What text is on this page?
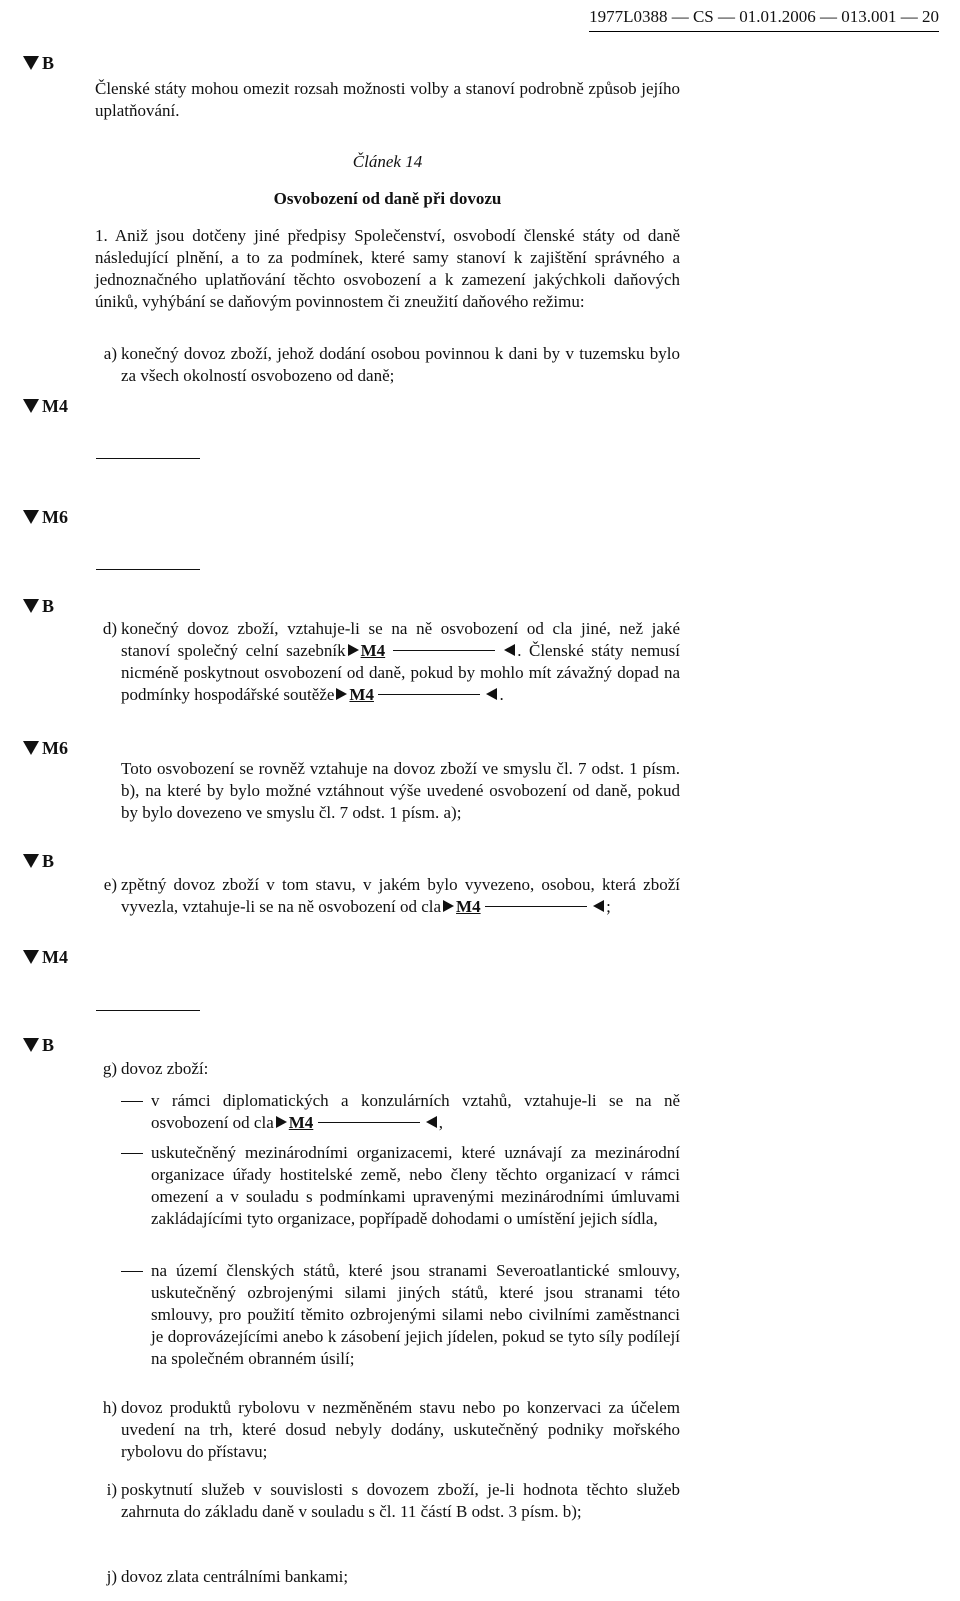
1977L0388 — CS — 01.01.2006 — 013.001 — 20
B
M4
M6
B
M6
B
M4
B
Členské státy mohou omezit rozsah možnosti volby a stanoví podrobně způsob jejího uplatňování.
Článek 14
Osvobození od daně při dovozu
1. Aniž jsou dotčeny jiné předpisy Společenství, osvobodí členské státy od daně následující plnění, a to za podmínek, které samy stanoví k zajištění správného a jednoznačného uplatňování těchto osvobození a k zamezení jakýchkoli daňových úniků, vyhýbání se daňovým povinnostem či zneužití daňového režimu:
a) konečný dovoz zboží, jehož dodání osobou povinnou k dani by v tuzemsku bylo za všech okolností osvobozeno od daně;
d) konečný dovoz zboží, vztahuje-li se na ně osvobození od cla jiné, než jaké stanoví společný celní sazebník M4	. Členské státy nemusí nicméně poskytnout osvobození od daně, pokud by mohlo mít závažný dopad na podmínky hospodářské soutěže M4	.
Toto osvobození se rovněž vztahuje na dovoz zboží ve smyslu čl. 7 odst. 1 písm. b), na které by bylo možné vztáhnout výše uvedené osvobození od daně, pokud by bylo dovezeno ve smyslu čl. 7 odst. 1 písm. a);
e) zpětný dovoz zboží v tom stavu, v jakém bylo vyvezeno, osobou, která zboží vyvezla, vztahuje-li se na ně osvobození od cla M4	;
g) dovoz zboží:
v rámci diplomatických a konzulárních vztahů, vztahuje-li se na ně osvobození od cla M4	,
uskutečněný mezinárodními organizacemi, které uznávají za mezinárodní organizace úřady hostitelské země, nebo členy těchto organizací v rámci omezení a v souladu s podmínkami upravenými mezinárodními úmluvami zakládajícími tyto organizace, popřípadě dohodami o umístění jejich sídla,
na území členských států, které jsou stranami Severoatlantické smlouvy, uskutečněný ozbrojenými silami jiných států, které jsou stranami této smlouvy, pro použití těmito ozbrojenými silami nebo civilními zaměstnanci je doprovázejícími anebo k zásobení jejich jídelen, pokud se tyto síly podílejí na společném obranném úsilí;
h) dovoz produktů rybolovu v nezměněném stavu nebo po konzervaci za účelem uvedení na trh, které dosud nebyly dodány, uskutečněný podniky mořského rybolovu do přístavu;
i) poskytnutí služeb v souvislosti s dovozem zboží, je-li hodnota těchto služeb zahrnuta do základu daně v souladu s čl. 11 částí B odst. 3 písm. b);
j) dovoz zlata centrálními bankami;
